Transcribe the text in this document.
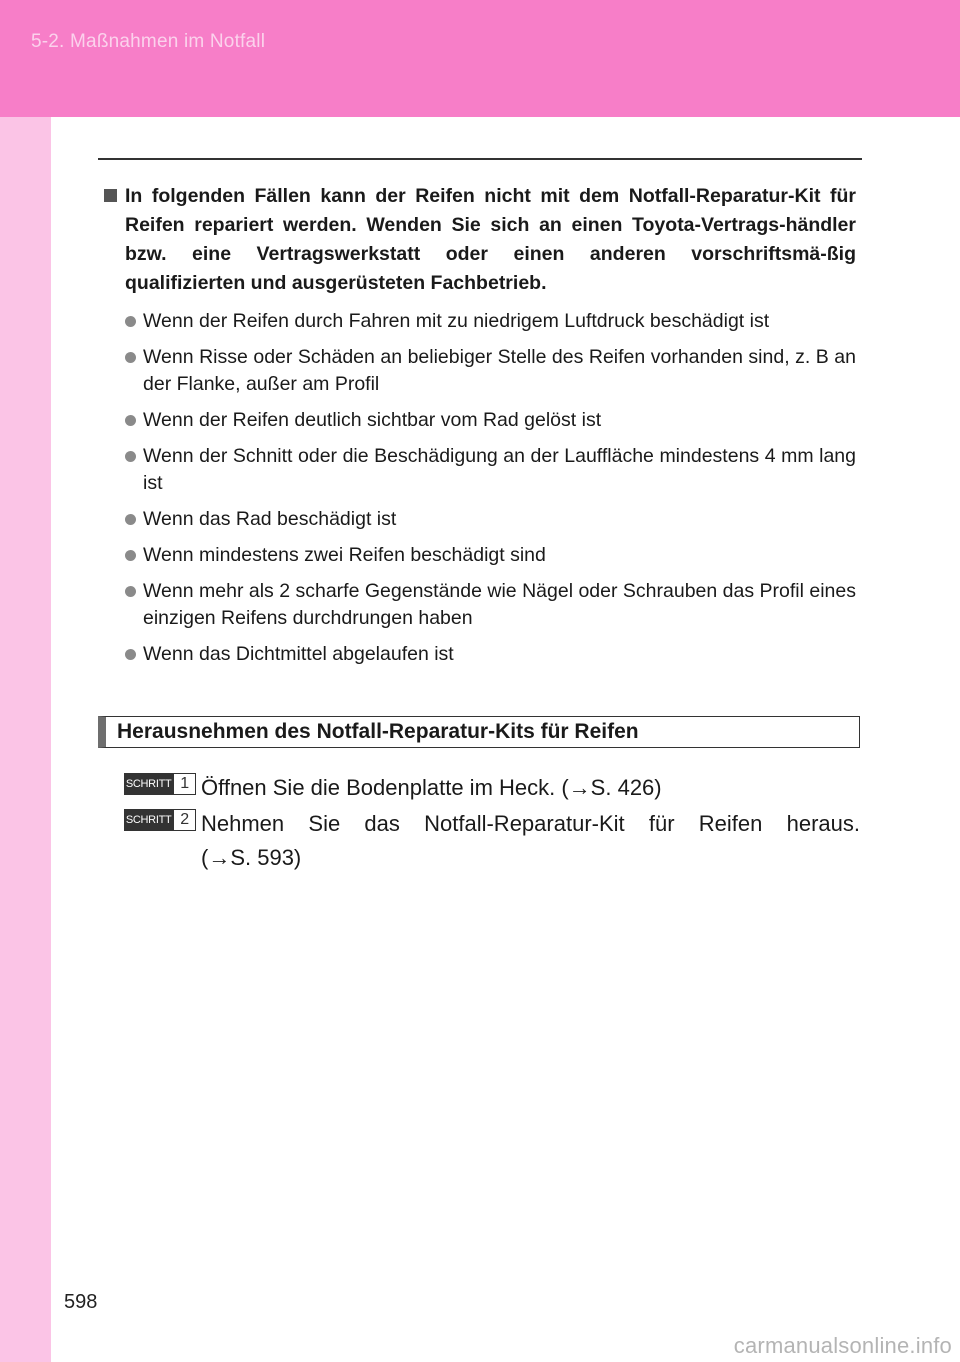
5-2. Maßnahmen im Notfall
In folgenden Fällen kann der Reifen nicht mit dem Notfall-Reparatur-Kit für Reifen repariert werden. Wenden Sie sich an einen Toyota-Vertrags-händler bzw. eine Vertragswerkstatt oder einen anderen vorschriftsmä-ßig qualifizierten und ausgerüsteten Fachbetrieb.
Wenn der Reifen durch Fahren mit zu niedrigem Luftdruck beschädigt ist
Wenn Risse oder Schäden an beliebiger Stelle des Reifen vorhanden sind, z. B an der Flanke, außer am Profil
Wenn der Reifen deutlich sichtbar vom Rad gelöst ist
Wenn der Schnitt oder die Beschädigung an der Lauffläche mindestens 4 mm lang ist
Wenn das Rad beschädigt ist
Wenn mindestens zwei Reifen beschädigt sind
Wenn mehr als 2 scharfe Gegenstände wie Nägel oder Schrauben das Profil eines einzigen Reifens durchdrungen haben
Wenn das Dichtmittel abgelaufen ist
Herausnehmen des Notfall-Reparatur-Kits für Reifen
SCHRITT 1 Öffnen Sie die Bodenplatte im Heck. (→S. 426)
SCHRITT 2 Nehmen Sie das Notfall-Reparatur-Kit für Reifen heraus.
(→S. 593)
598
carmanualsonline.info
